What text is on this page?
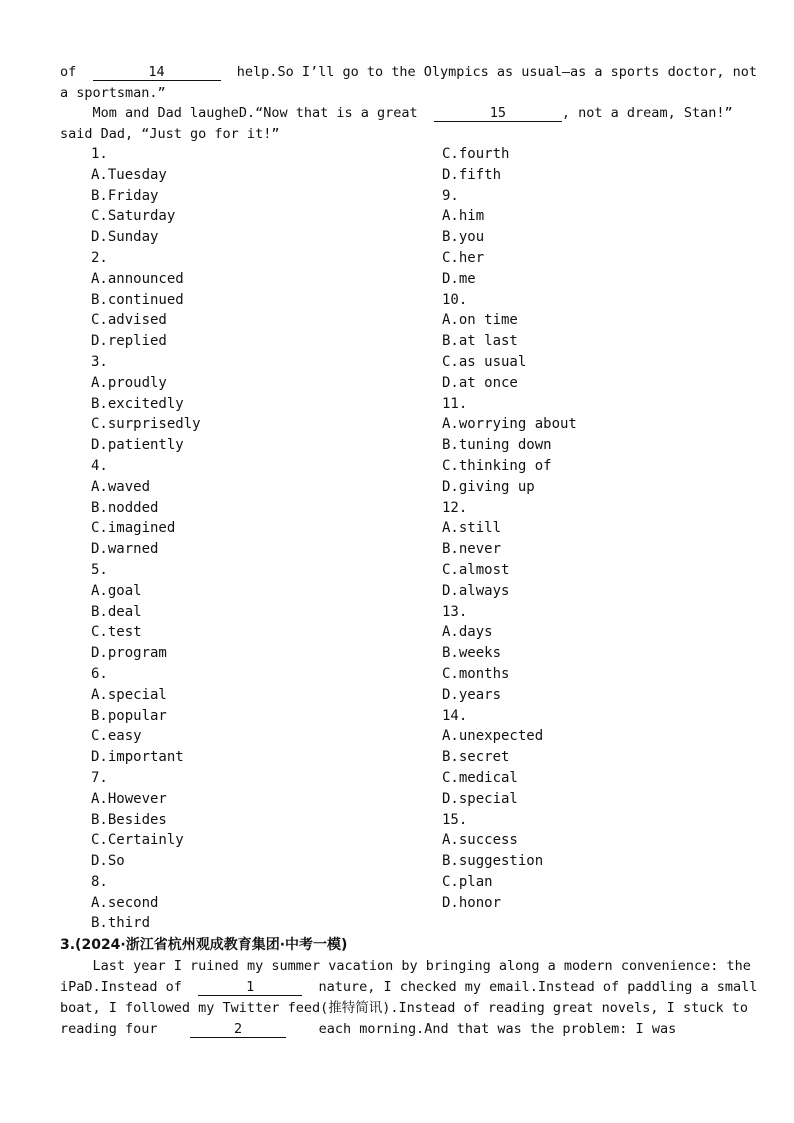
of	14	help.So I’ll go to the Olympics as usual—as a sports doctor, not
a sportsman.”
Mom and Dad laugheD.“Now that is a great	15	, not a dream, Stan!”
said Dad, “Just go for it!”
1.
A.Tuesday
B.Friday
C.Saturday
D.Sunday
2.
A.announced
B.continued
C.advised
D.replied
3.
A.proudly
B.excitedly
C.surprisedly
D.patiently
4.
A.waved
B.nodded
C.imagined
D.warned
5.
A.goal
B.deal
C.test
D.program
6.
A.special
B.popular
C.easy
D.important
7.
A.However
B.Besides
C.Certainly
D.So
8.
A.second
B.third
C.fourth
D.fifth
9.
A.him
B.you
C.her
D.me
10.
A.on time
B.at last
C.as usual
D.at once
11.
A.worrying about
B.tuning down
C.thinking of
D.giving up
12.
A.still
B.never
C.almost
D.always
13.
A.days
B.weeks
C.months
D.years
14.
A.unexpected
B.secret
C.medical
D.special
15.
A.success
B.suggestion
C.plan
D.honor
3.(2024·浙江省杭州观成教育集团·中考一模)
Last year I ruined my summer vacation by bringing along a modern convenience: the
iPaD.Instead of	1	nature, I checked my email.Instead of paddling a small
boat, I followed my Twitter feed(推特简讯).Instead of reading great novels, I stuck to
reading four	2	each morning.And that was the problem: I was
